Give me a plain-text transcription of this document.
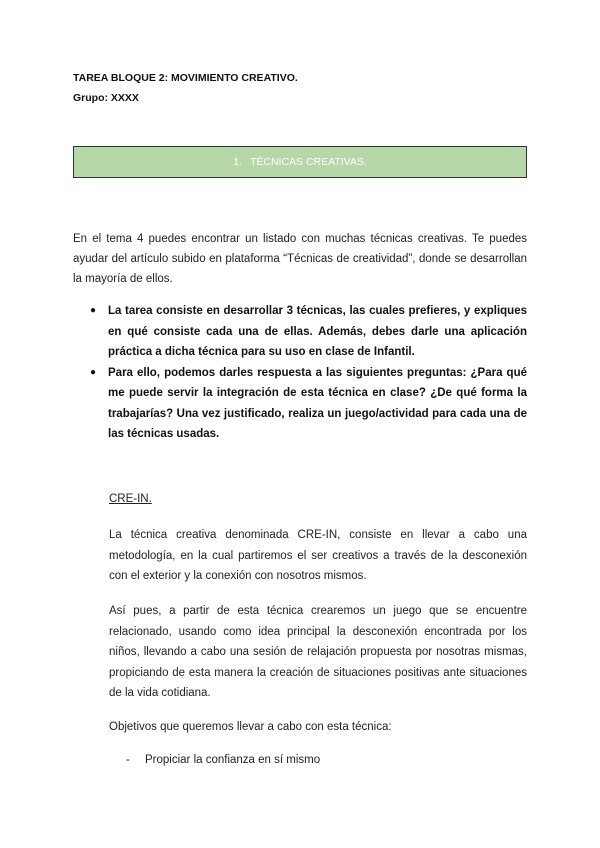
TAREA BLOQUE 2: MOVIMIENTO CREATIVO.
Grupo: XXXX
1. TÉCNICAS CREATIVAS.
En el tema 4 puedes encontrar un listado con muchas técnicas creativas. Te puedes ayudar del artículo subido en plataforma “Técnicas de creatividad”, donde se desarrollan la mayoría de ellos.
● La tarea consiste en desarrollar 3 técnicas, las cuales prefieres, y expliques en qué consiste cada una de ellas. Además, debes darle una aplicación práctica a dicha técnica para su uso en clase de Infantil.
● Para ello, podemos darles respuesta a las siguientes preguntas: ¿Para qué me puede servir la integración de esta técnica en clase? ¿De qué forma la trabajarías? Una vez justificado, realiza un juego/actividad para cada una de las técnicas usadas.
CRE-IN.
La técnica creativa denominada CRE-IN, consiste en llevar a cabo una metodología, en la cual partiremos el ser creativos a través de la desconexión con el exterior y la conexión con nosotros mismos.
Así pues, a partir de esta técnica crearemos un juego que se encuentre relacionado, usando como idea principal la desconexión encontrada por los niños, llevando a cabo una sesión de relajación propuesta por nosotras mismas, propiciando de esta manera la creación de situaciones positivas ante situaciones de la vida cotidiana.
Objetivos que queremos llevar a cabo con esta técnica:
- Propiciar la confianza en sí mismo
